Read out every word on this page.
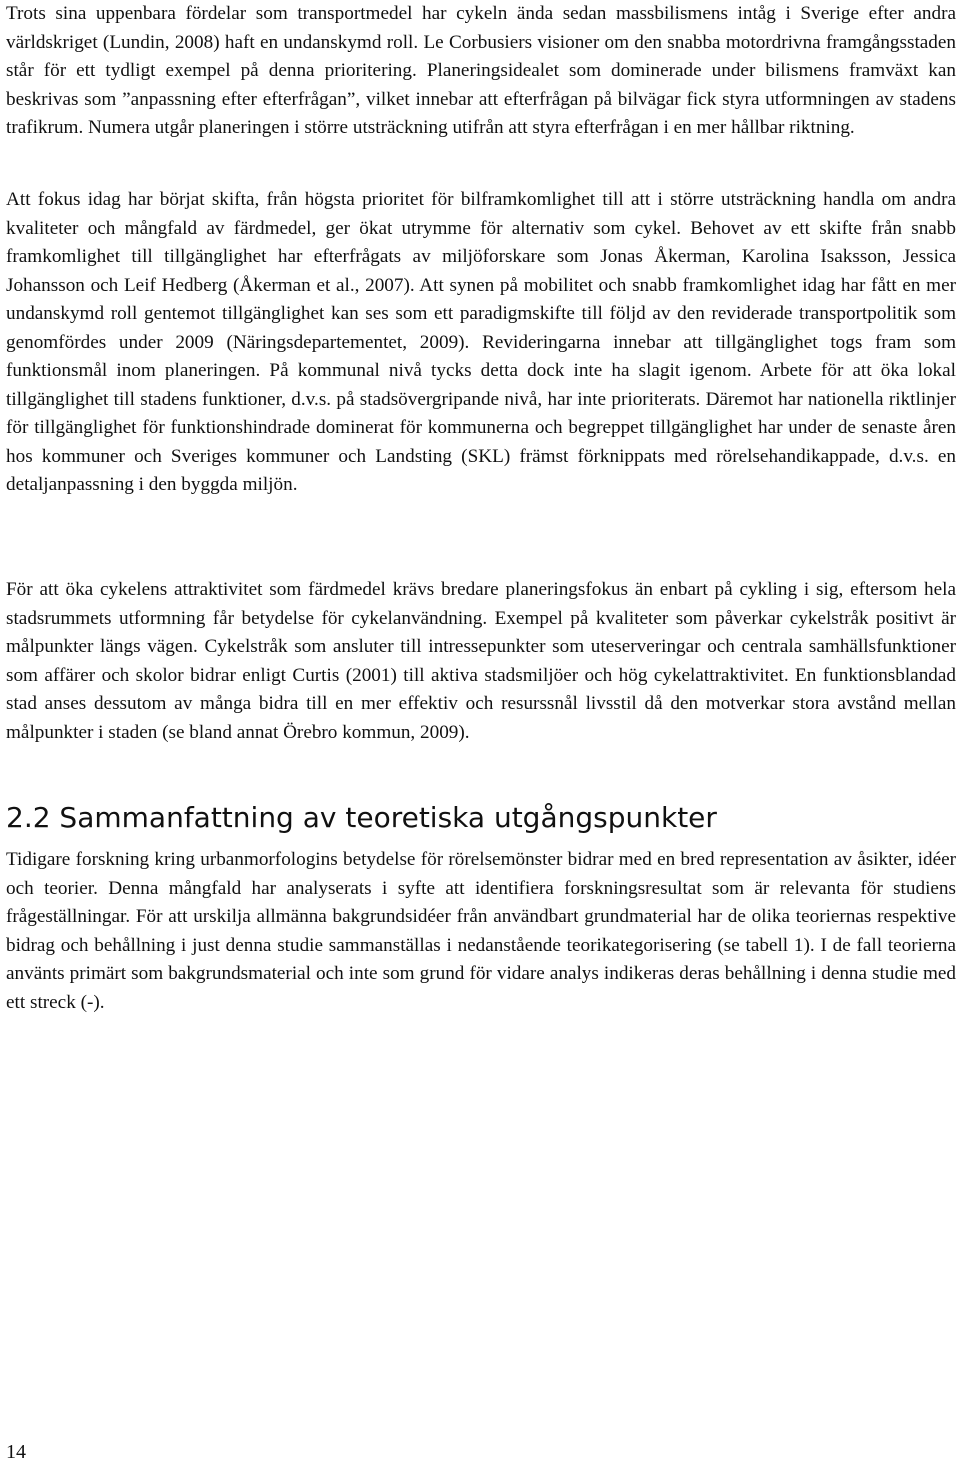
Trots sina uppenbara fördelar som transportmedel har cykeln ända sedan massbilismens intåg i Sverige efter andra världskriget (Lundin, 2008) haft en undanskymd roll. Le Corbusiers visioner om den snabba motordrivna framgångsstaden står för ett tydligt exempel på denna prioritering. Planeringsidealet som dominerade under bilismens framväxt kan beskrivas som ”anpassning efter efterfrågan”, vilket innebar att efterfrågan på bilvägar fick styra utformningen av stadens trafikrum. Numera utgår planeringen i större utsträckning utifrån att styra efterfrågan i en mer hållbar riktning.

Att fokus idag har börjat skifta, från högsta prioritet för bilframkomlighet till att i större utsträckning handla om andra kvaliteter och mångfald av färdmedel, ger ökat utrymme för alternativ som cykel. Behovet av ett skifte från snabb framkomlighet till tillgänglighet har efterfrågats av miljöforskare som Jonas Åkerman, Karolina Isaksson, Jessica Johansson och Leif Hedberg (Åkerman et al., 2007). Att synen på mobilitet och snabb framkomlighet idag har fått en mer undanskymd roll gentemot tillgänglighet kan ses som ett paradigmskifte till följd av den reviderade transportpolitik som genomfördes under 2009 (Näringsdepartementet, 2009). Revideringarna innebar att tillgänglighet togs fram som funktionsmål inom planeringen. På kommunal nivå tycks detta dock inte ha slagit igenom. Arbete för att öka lokal tillgänglighet till stadens funktioner, d.v.s. på stadsövergripande nivå, har inte prioriterats. Däremot har nationella riktlinjer för tillgänglighet för funktionshindrade dominerat för kommunerna och begreppet tillgänglighet har under de senaste åren hos kommuner och Sveriges kommuner och Landsting (SKL) främst förknippats med rörelsehandikappade, d.v.s. en detaljanpassning i den byggda miljön.

För att öka cykelens attraktivitet som färdmedel krävs bredare planeringsfokus än enbart på cykling i sig, eftersom hela stadsrummets utformning får betydelse för cykelanvändning. Exempel på kvaliteter som påverkar cykelstråk positivt är målpunkter längs vägen. Cykelstråk som ansluter till intressepunkter som uteserveringar och centrala samhällsfunktioner som affärer och skolor bidrar enligt Curtis (2001) till aktiva stadsmiljöer och hög cykelattraktivitet. En funktionsblandad stad anses dessutom av många bidra till en mer effektiv och resurssnål livsstil då den motverkar stora avstånd mellan målpunkter i staden (se bland annat Örebro kommun, 2009).

2.2 Sammanfattning av teoretiska utgångspunkter

Tidigare forskning kring urbanmorfologins betydelse för rörelsemönster bidrar med en bred representation av åsikter, idéer och teorier. Denna mångfald har analyserats i syfte att identifiera forskningsresultat som är relevanta för studiens frågeställningar. För att urskilja allmänna bakgrundsidéer från användbart grundmaterial har de olika teoriernas respektive bidrag och behållning i just denna studie sammanställas i nedanstående teorikategorisering (se tabell 1). I de fall teorierna använts primärt som bakgrundsmaterial och inte som grund för vidare analys indikeras deras behållning i denna studie med ett streck (-).

14
